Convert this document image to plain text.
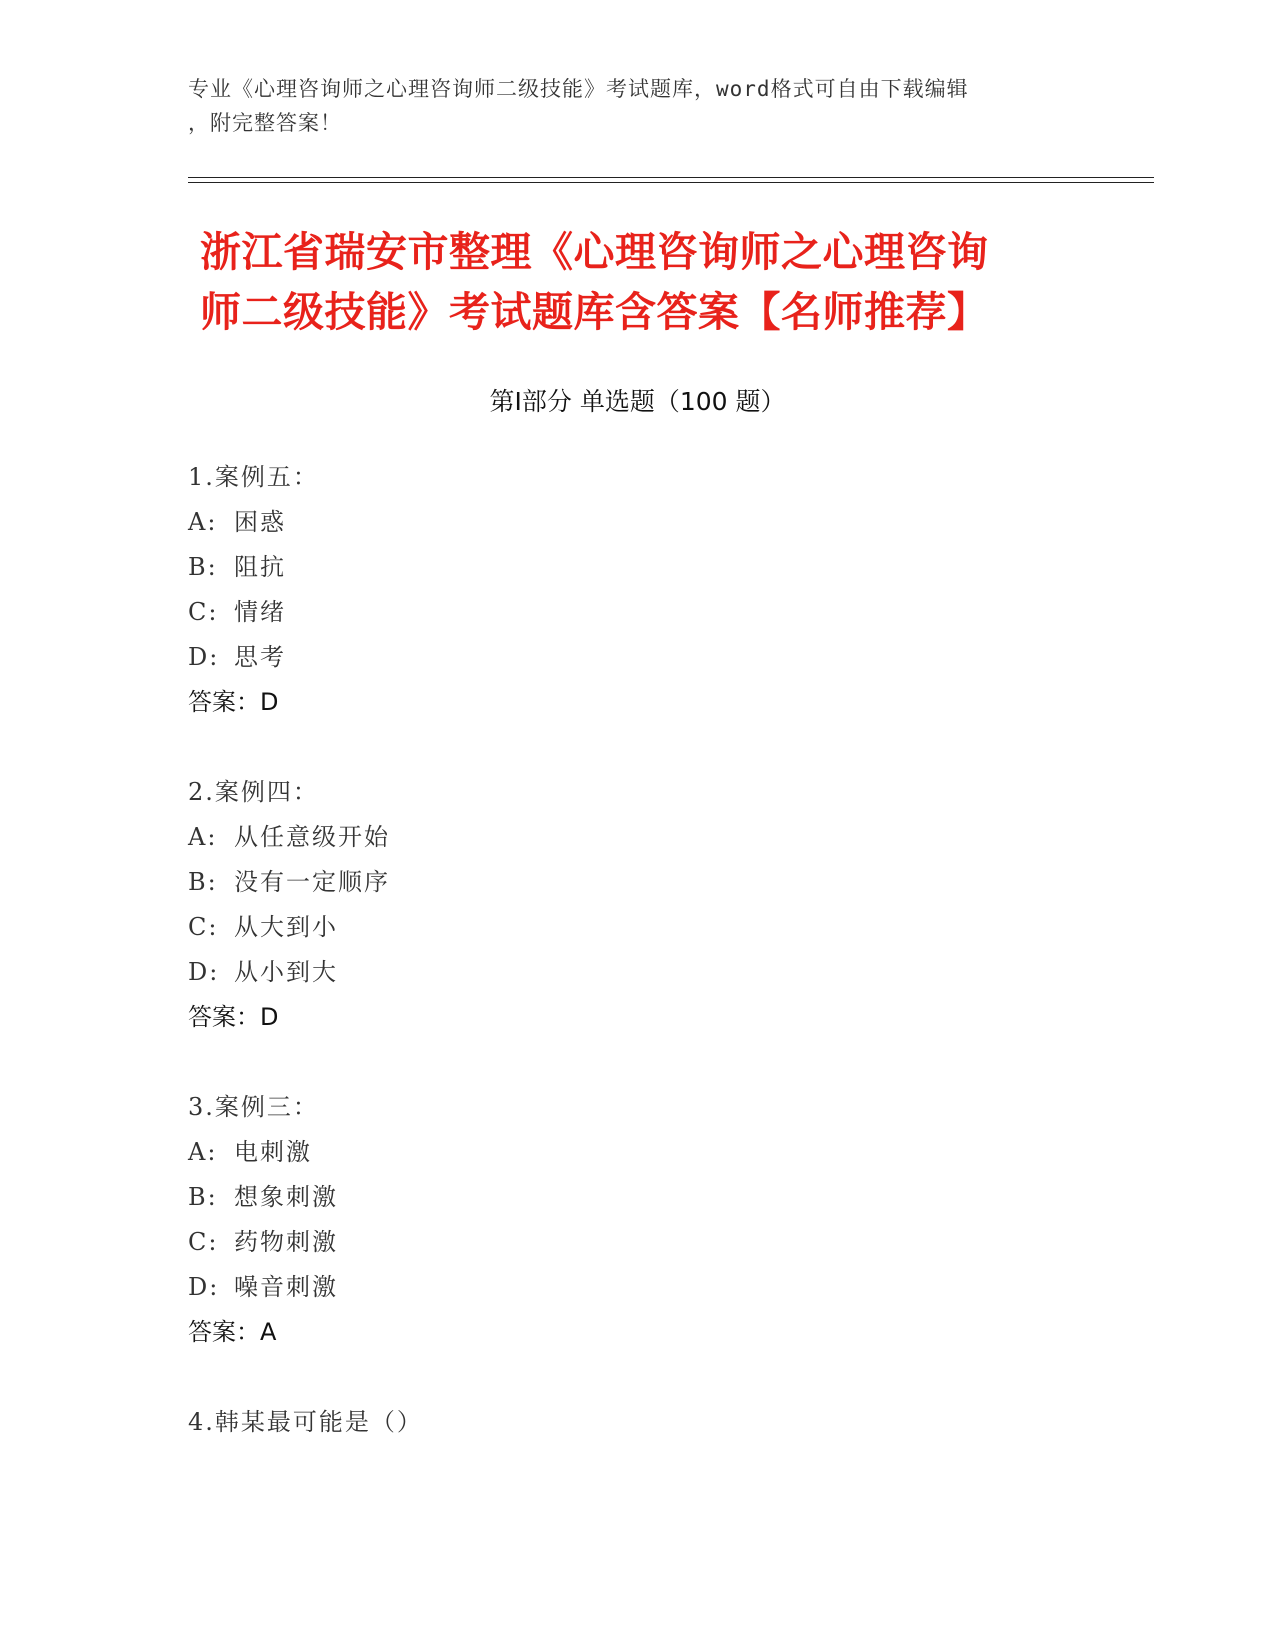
专业《心理咨询师之心理咨询师二级技能》考试题库，word格式可自由下载编辑
，附完整答案！
浙江省瑞安市整理《心理咨询师之心理咨询
师二级技能》考试题库含答案【名师推荐】
第Ⅰ部分 单选题（100 题）
1.案例五：
A: 困惑
B: 阻抗
C: 情绪
D: 思考
答案：D
2.案例四：
A: 从任意级开始
B: 没有一定顺序
C: 从大到小
D: 从小到大
答案：D
3.案例三：
A: 电刺激
B: 想象刺激
C: 药物刺激
D: 噪音刺激
答案：A
4.韩某最可能是（）
